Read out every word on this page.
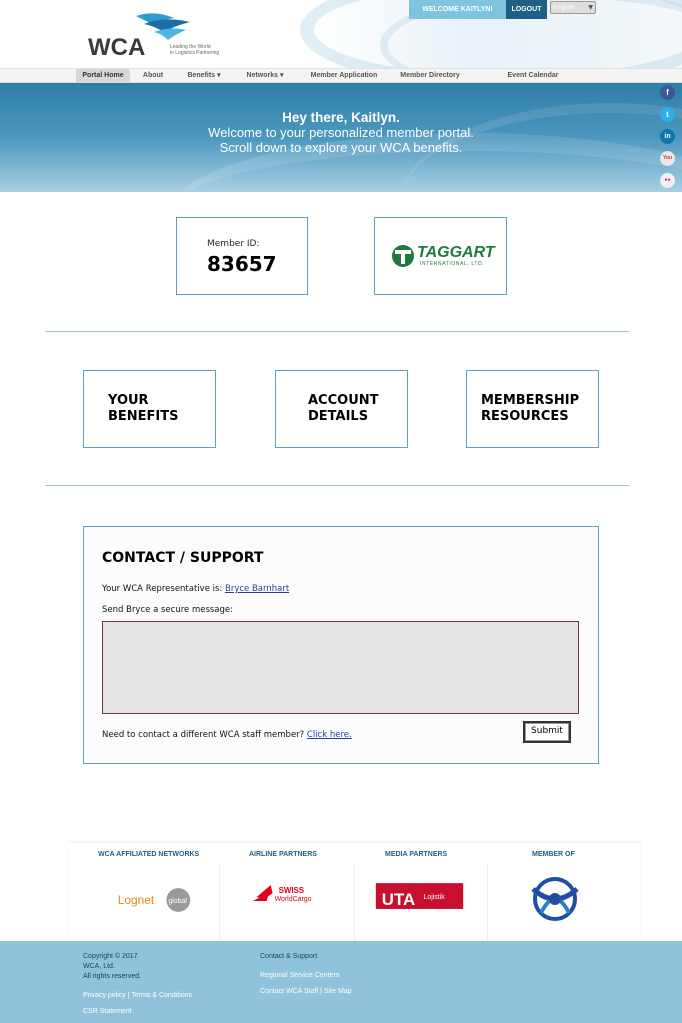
WCA	Leading the World
in Logistics Partnering
WELCOME KAITLYN!	LOGOUT	English ▼
Portal Home	About	Benefits ▾	Networks ▾	Member Application	Member Directory	Event Calendar
Hey there, Kaitlyn.
Welcome to your personalized member portal.
Scroll down to explore your WCA benefits.
f
t
in
You
●●
Member ID:
83657	TAGGART
INTERNATIONAL, LTD.
YOUR
BENEFITS
ACCOUNT
DETAILS
MEMBERSHIP
RESOURCES
CONTACT / SUPPORT
Your WCA Representative is: Bryce Barnhart
Send Bryce a secure message:
Need to contact a different WCA staff member? Click here.	Submit
WCA AFFILIATED NETWORKS	AIRLINE PARTNERS	MEDIA PARTNERS	MEMBER OF
Lognet global
SWISS
WorldCargo	UTA Lojistik
Copyright © 2017
WCA, Ltd.
All rights reserved.
Privacy policy | Terms & Conditions
CSR Statement
Contact & Support
Regional Service Centers
Contact WCA Staff | Site Map
